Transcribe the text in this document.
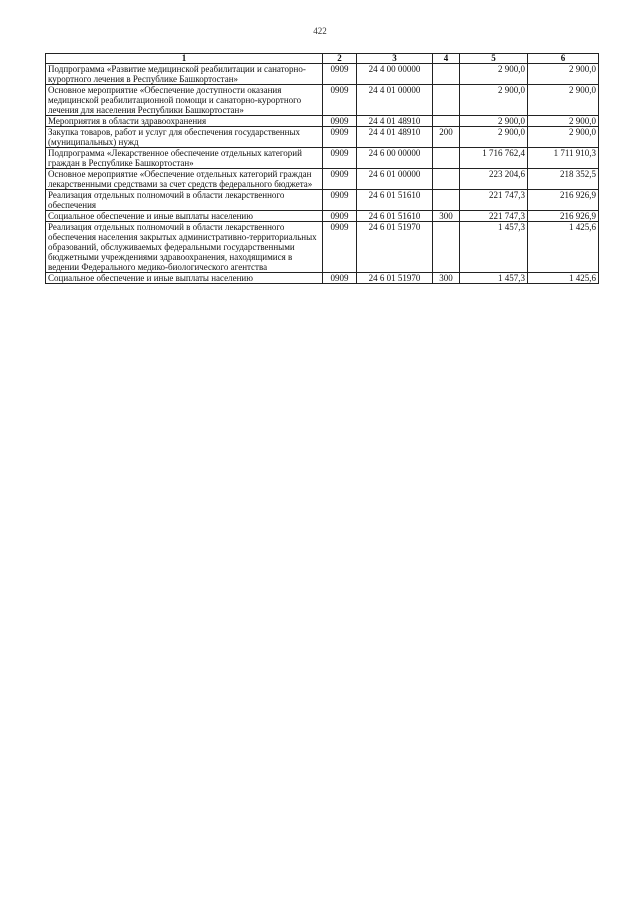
422
1	2	3	4	5	6
Подпрограмма «Развитие медицинской реабилитации и санаторно-курортного лечения в Республике Башкортостан»	0909	24 4 00 00000		2 900,0	2 900,0
Основное мероприятие «Обеспечение доступности оказания медицинской реабилитационной помощи и санаторно-курортного лечения для населения Республики Башкортостан»	0909	24 4 01 00000		2 900,0	2 900,0
Мероприятия в области здравоохранения	0909	24 4 01 48910		2 900,0	2 900,0
Закупка товаров, работ и услуг для обеспечения государственных (муниципальных) нужд	0909	24 4 01 48910	200	2 900,0	2 900,0
Подпрограмма «Лекарственное обеспечение отдельных категорий граждан в Республике Башкортостан»	0909	24 6 00 00000		1 716 762,4	1 711 910,3
Основное мероприятие «Обеспечение отдельных категорий граждан лекарственными средствами за счет средств федерального бюджета»	0909	24 6 01 00000		223 204,6	218 352,5
Реализация отдельных полномочий в области лекарственного обеспечения	0909	24 6 01 51610		221 747,3	216 926,9
Социальное обеспечение и иные выплаты населению	0909	24 6 01 51610	300	221 747,3	216 926,9
Реализация отдельных полномочий в области лекарственного обеспечения населения закрытых административно-территориальных образований, обслуживаемых федеральными государственными бюджетными учреждениями здравоохранения, находящимися в ведении Федерального медико-биологического агентства	0909	24 6 01 51970		1 457,3	1 425,6
Социальное обеспечение и иные выплаты населению	0909	24 6 01 51970	300	1 457,3	1 425,6
